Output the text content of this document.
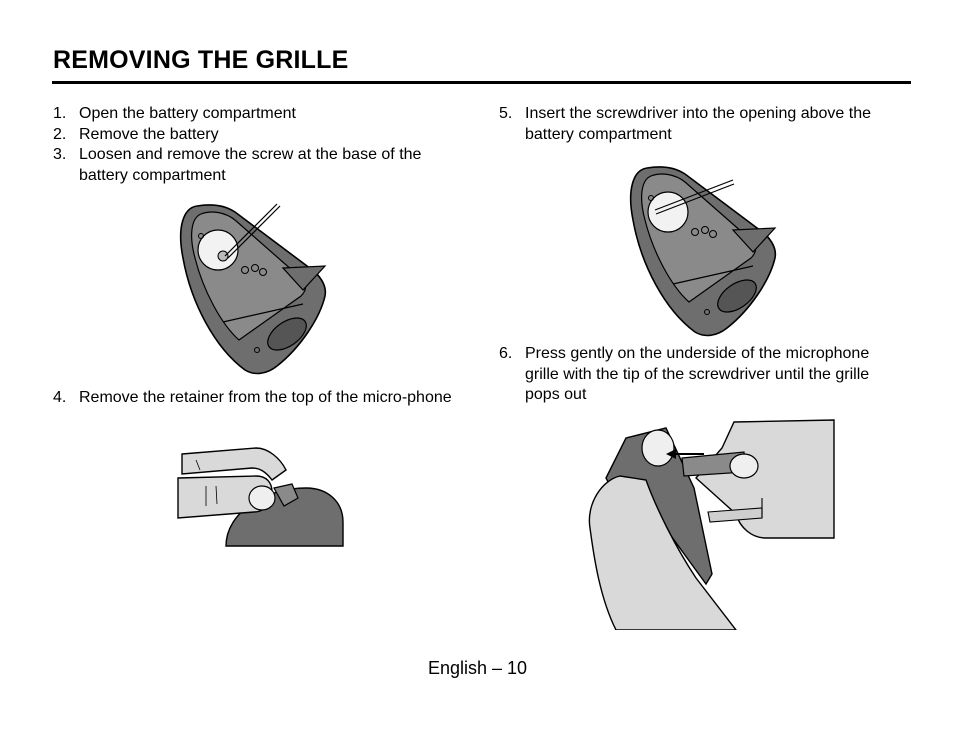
REMOVING THE GRILLE
1. Open the battery compartment
2. Remove the battery
3. Loosen and remove the screw at the base of the battery compartment
4. Remove the retainer from the top of the micro-phone
5. Insert the screwdriver into the opening above the battery compartment
6. Press gently on the underside of the microphone grille with the tip of the screwdriver until the grille pops out
English – 10
